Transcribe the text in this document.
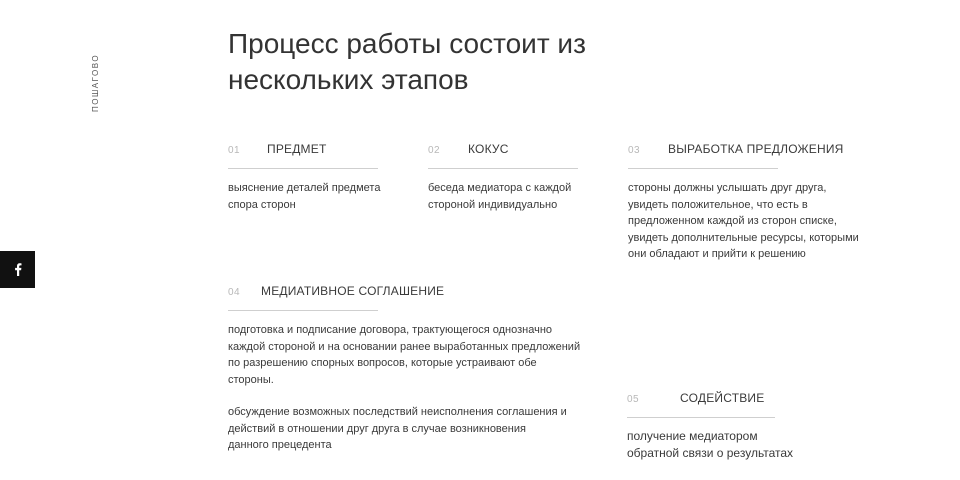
ПОШАГОВО
Процесс работы состоит из нескольких этапов
01	ПРЕДМЕТ

выяснение деталей предмета спора сторон

02	КОКУС

беседа медиатора с каждой стороной индивидуально

03	ВЫРАБОТКА ПРЕДЛОЖЕНИЯ

стороны должны услышать друг друга, увидеть положительное, что есть в предложенном каждой из сторон списке, увидеть дополнительные ресурсы, которыми они обладают и прийти к решению

04	МЕДИАТИВНОЕ СОГЛАШЕНИЕ

подготовка и подписание договора, трактующегося однозначно каждой стороной и на основании ранее выработанных предложений по разрешению спорных вопросов, которые устраивают обе стороны.

обсуждение возможных последствий неисполнения соглашения и действий в отношении друг друга в случае возникновения данного прецедента

05	СОДЕЙСТВИЕ

получение медиатором обратной связи о результатах
